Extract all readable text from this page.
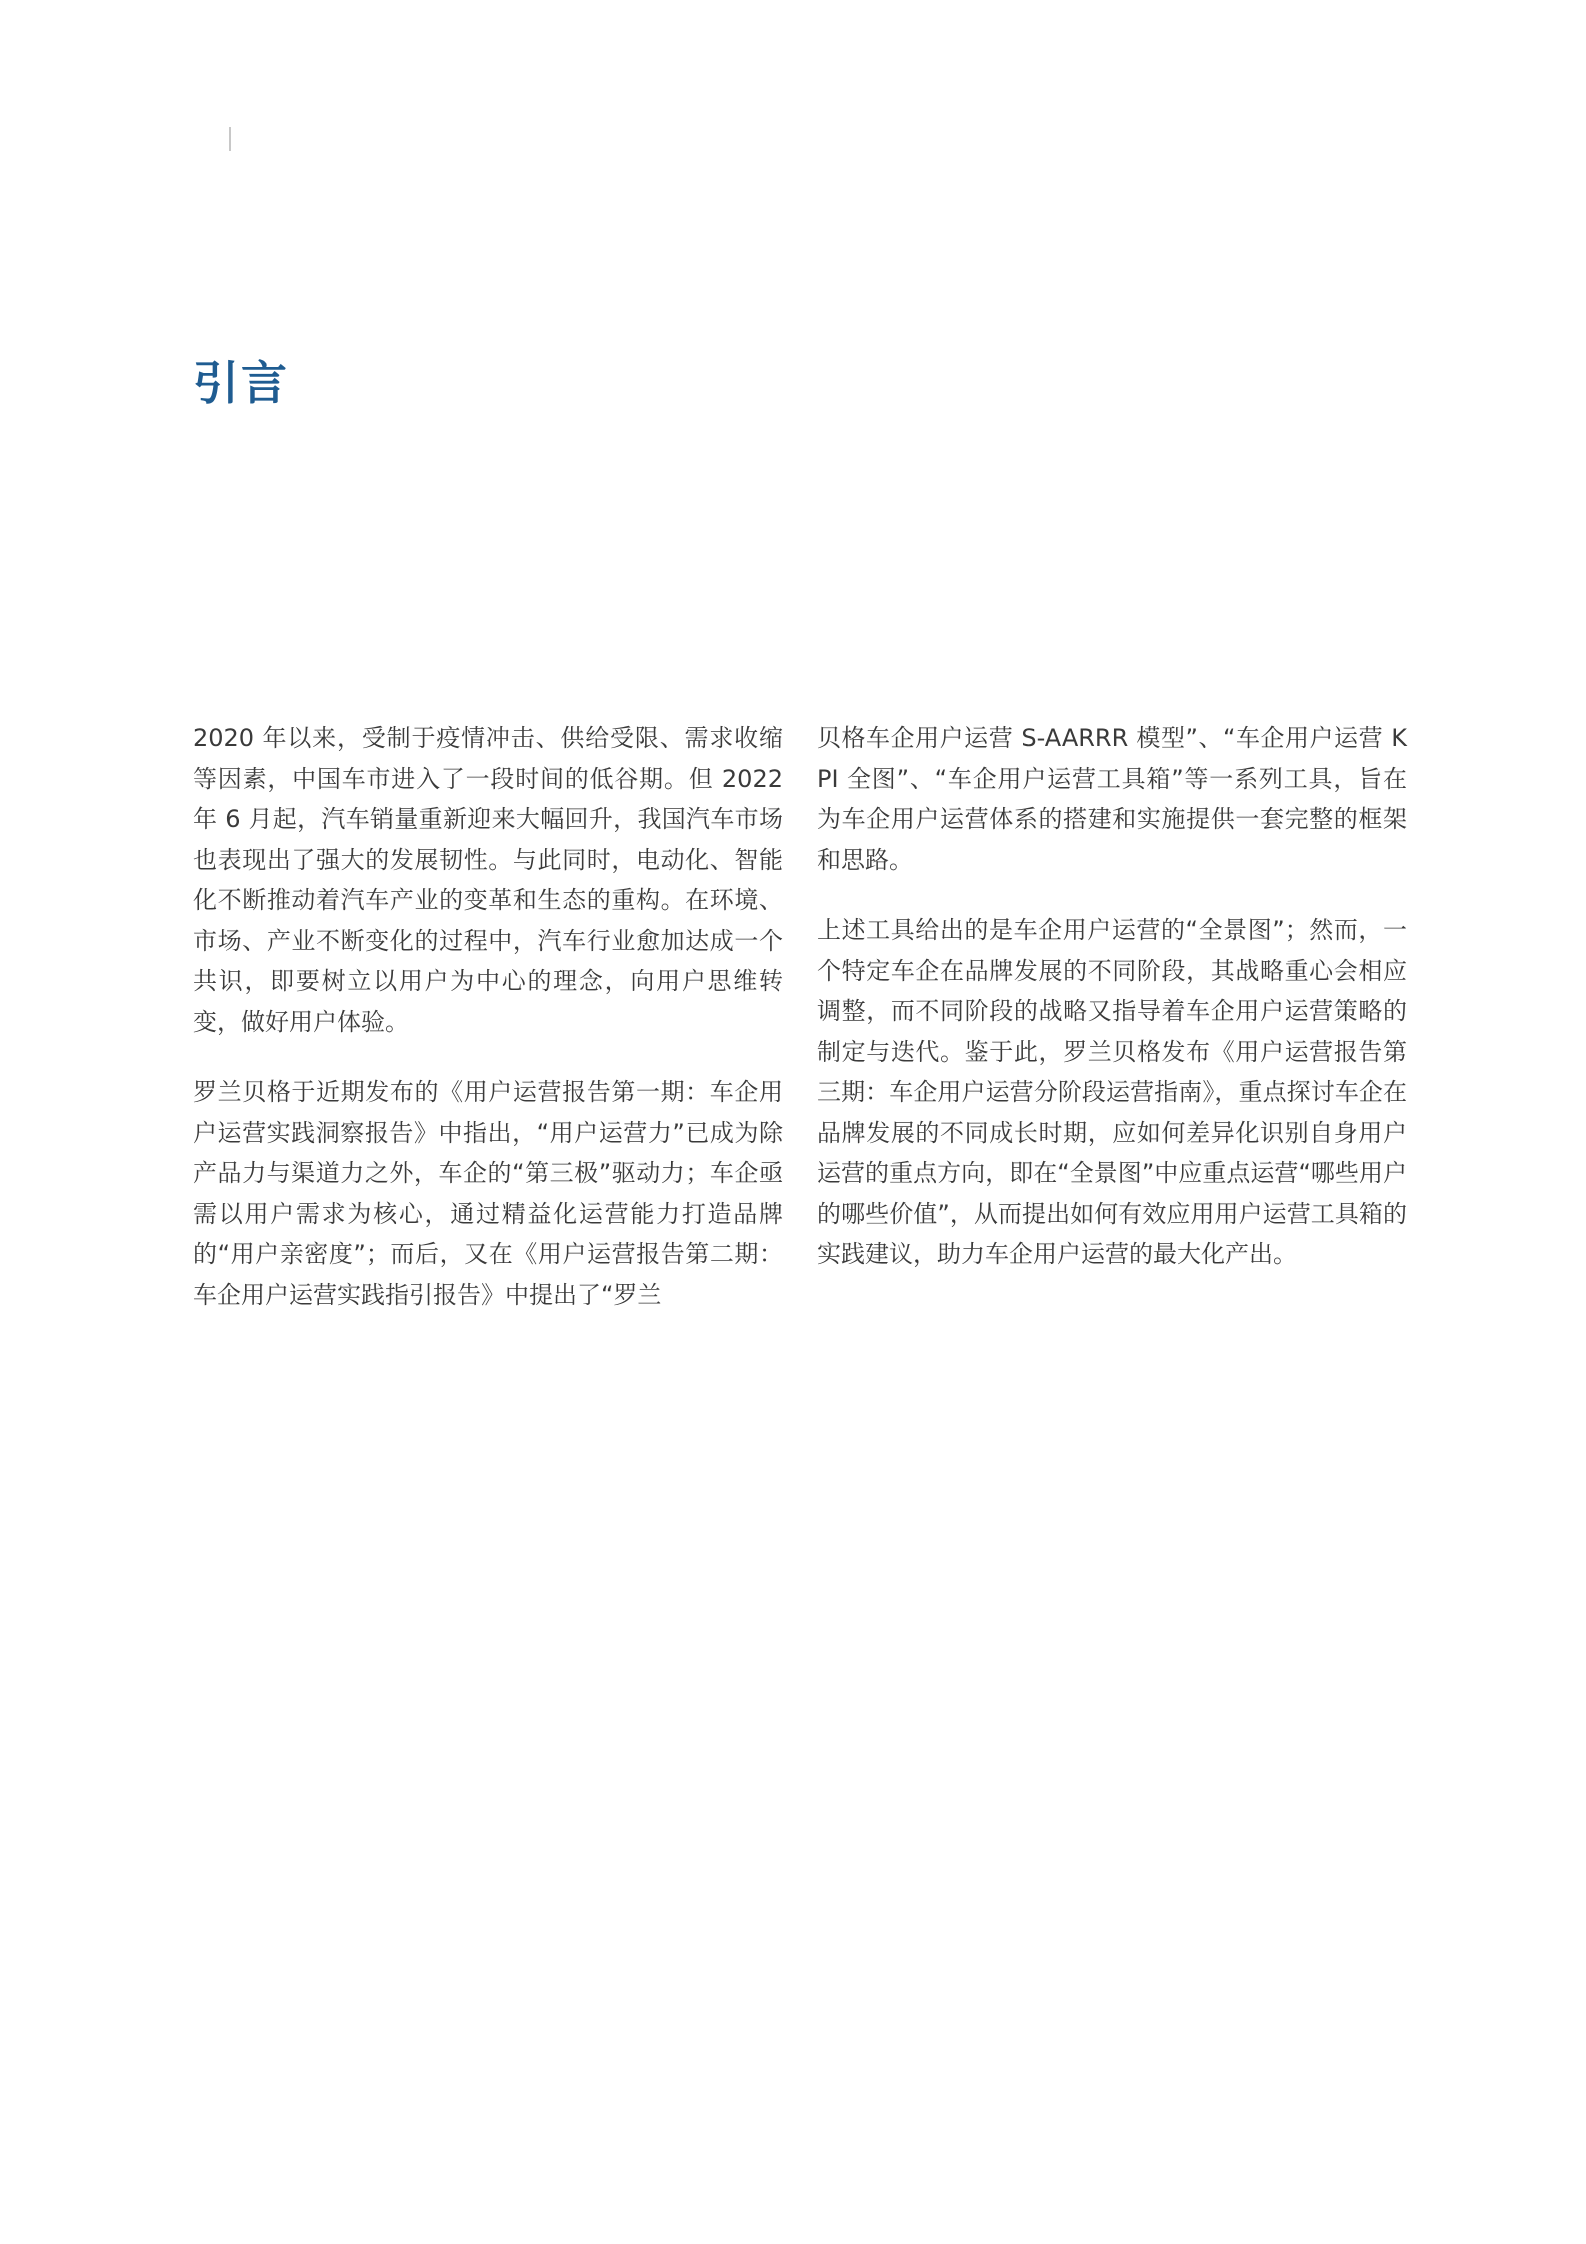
引言

2020 年以来，受制于疫情冲击、供给受限、需求收缩等因素，中国车市进入了一段时间的低谷期。但 2022 年 6 月起，汽车销量重新迎来大幅回升，我国汽车市场也表现出了强大的发展韧性。与此同时，电动化、智能化不断推动着汽车产业的变革和生态的重构。在环境、市场、产业不断变化的过程中，汽车行业愈加达成一个共识，即要树立以用户为中心的理念，向用户思维转变，做好用户体验。

罗兰贝格于近期发布的《用户运营报告第一期：车企用户运营实践洞察报告》中指出，“用户运营力”已成为除产品力与渠道力之外，车企的“第三极”驱动力；车企亟需以用户需求为核心，通过精益化运营能力打造品牌的“用户亲密度”；而后，又在《用户运营报告第二期：车企用户运营实践指引报告》中提出了“罗兰

贝格车企用户运营 S-AARRR 模型”、“车企用户运营 KPI 全图”、“车企用户运营工具箱”等一系列工具，旨在为车企用户运营体系的搭建和实施提供一套完整的框架和思路。

上述工具给出的是车企用户运营的“全景图”；然而，一个特定车企在品牌发展的不同阶段，其战略重心会相应调整，而不同阶段的战略又指导着车企用户运营策略的制定与迭代。鉴于此，罗兰贝格发布《用户运营报告第三期：车企用户运营分阶段运营指南》，重点探讨车企在品牌发展的不同成长时期，应如何差异化识别自身用户运营的重点方向，即在“全景图”中应重点运营“哪些用户的哪些价值”，从而提出如何有效应用用户运营工具箱的实践建议，助力车企用户运营的最大化产出。
